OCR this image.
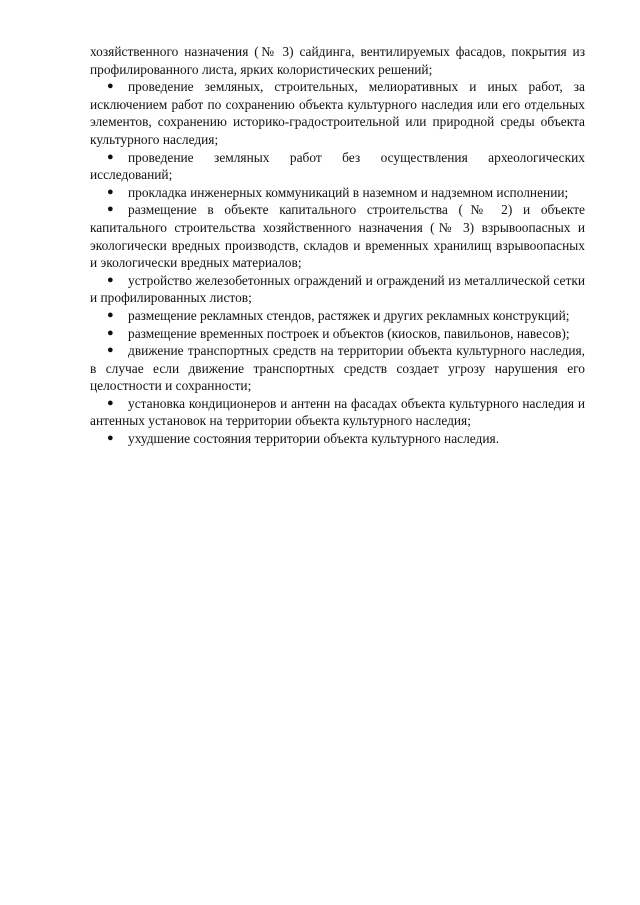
хозяйственного назначения (№ 3) сайдинга, вентилируемых фасадов, покрытия из профилированного листа, ярких колористических решений;

●	проведение земляных, строительных, мелиоративных и иных работ, за исключением работ по сохранению объекта культурного наследия или его отдельных элементов, сохранению историко-градостроительной или природной среды объекта культурного наследия;
●	проведение земляных работ без осуществления археологических исследований;
●	прокладка инженерных коммуникаций в наземном и надземном исполнении;
●	размещение в объекте капитального строительства (№ 2) и объекте капитального строительства хозяйственного назначения (№ 3) взрывоопасных и экологически вредных производств, складов и временных хранилищ взрывоопасных и экологически вредных материалов;
●	устройство железобетонных ограждений и ограждений из металлической сетки и профилированных листов;
●	размещение рекламных стендов, растяжек и других рекламных конструкций;
●	размещение временных построек и объектов (киосков, павильонов, навесов);
●	движение транспортных средств на территории объекта культурного наследия, в случае если движение транспортных средств создает угрозу нарушения его целостности и сохранности;
●	установка кондиционеров и антенн на фасадах объекта культурного наследия и антенных установок на территории объекта культурного наследия;
●	ухудшение состояния территории объекта культурного наследия.
